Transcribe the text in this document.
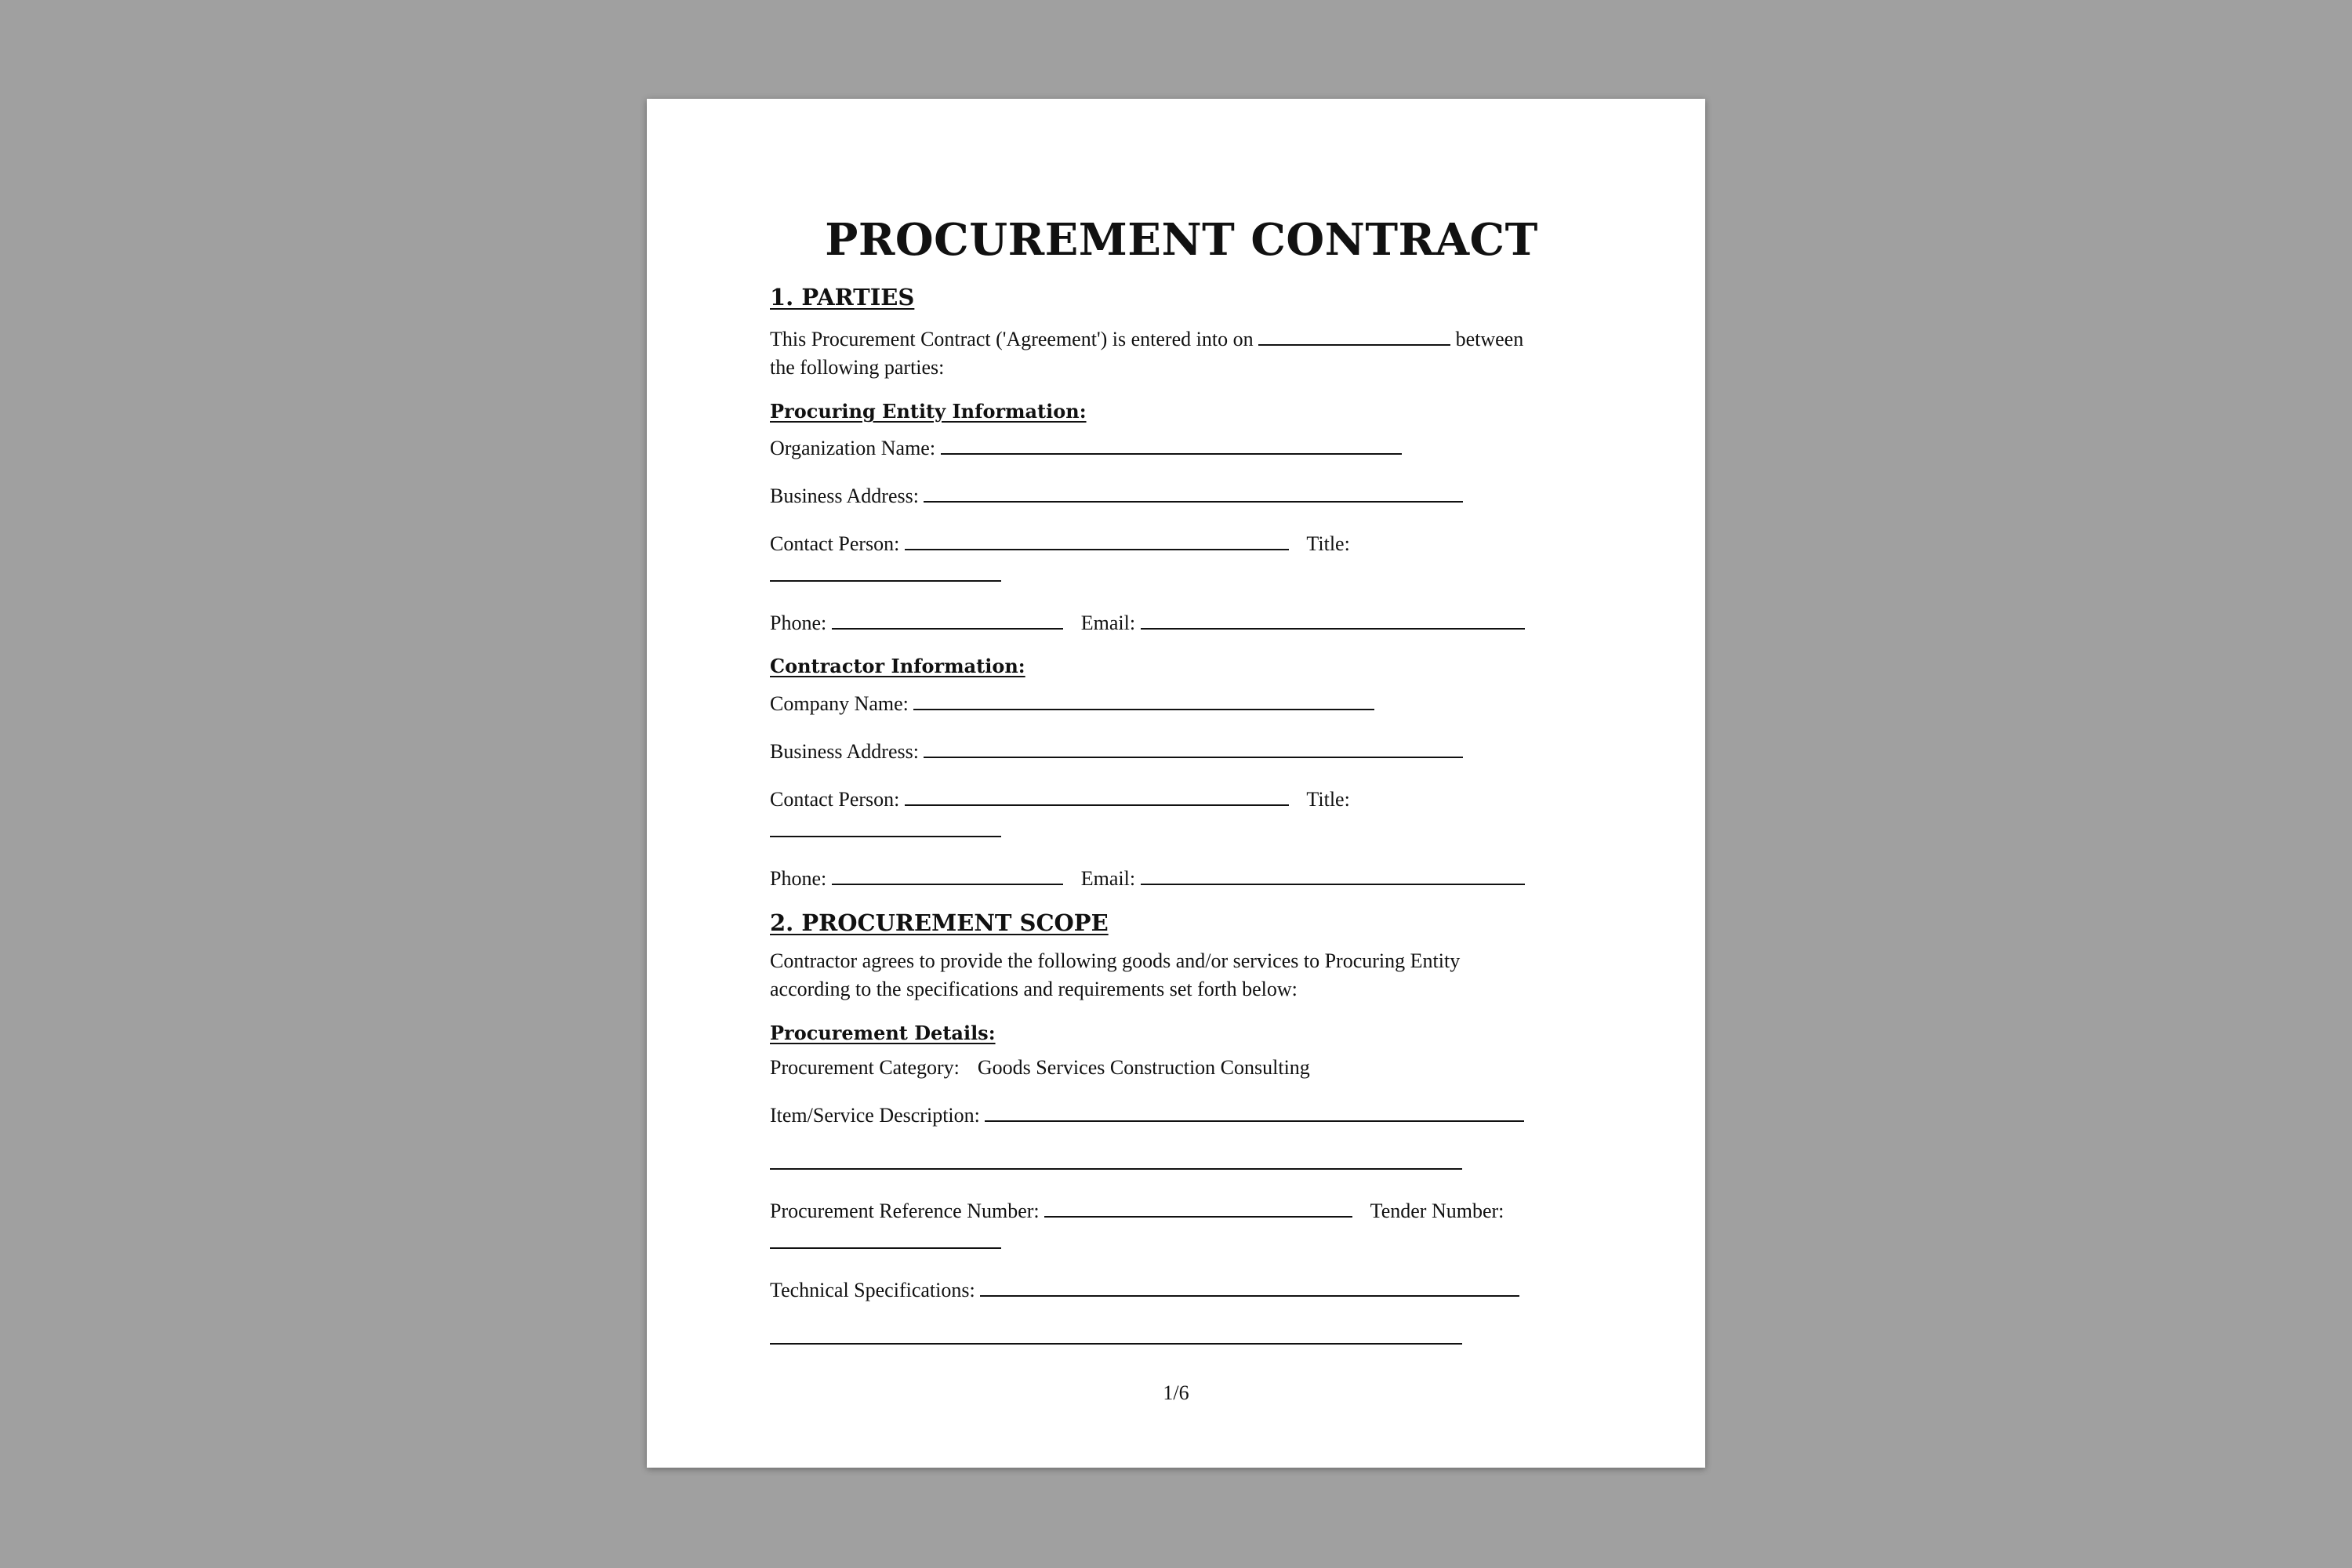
PROCUREMENT CONTRACT
1. PARTIES

This Procurement Contract ('Agreement') is entered into on	between
the following parties:

Procuring Entity Information:
Organization Name:
Business Address:
Contact Person:	Title:
Phone:	Email:
Contractor Information:
Company Name:
Business Address:
Contact Person:	Title:
Phone:	Email:
2. PROCUREMENT SCOPE

Contractor agrees to provide the following goods and/or services to Procuring Entity
according to the specifications and requirements set forth below:

Procurement Details:
Procurement Category: Goods Services Construction Consulting
Item/Service Description:
Procurement Reference Number:	Tender Number:
Technical Specifications:
1/6
